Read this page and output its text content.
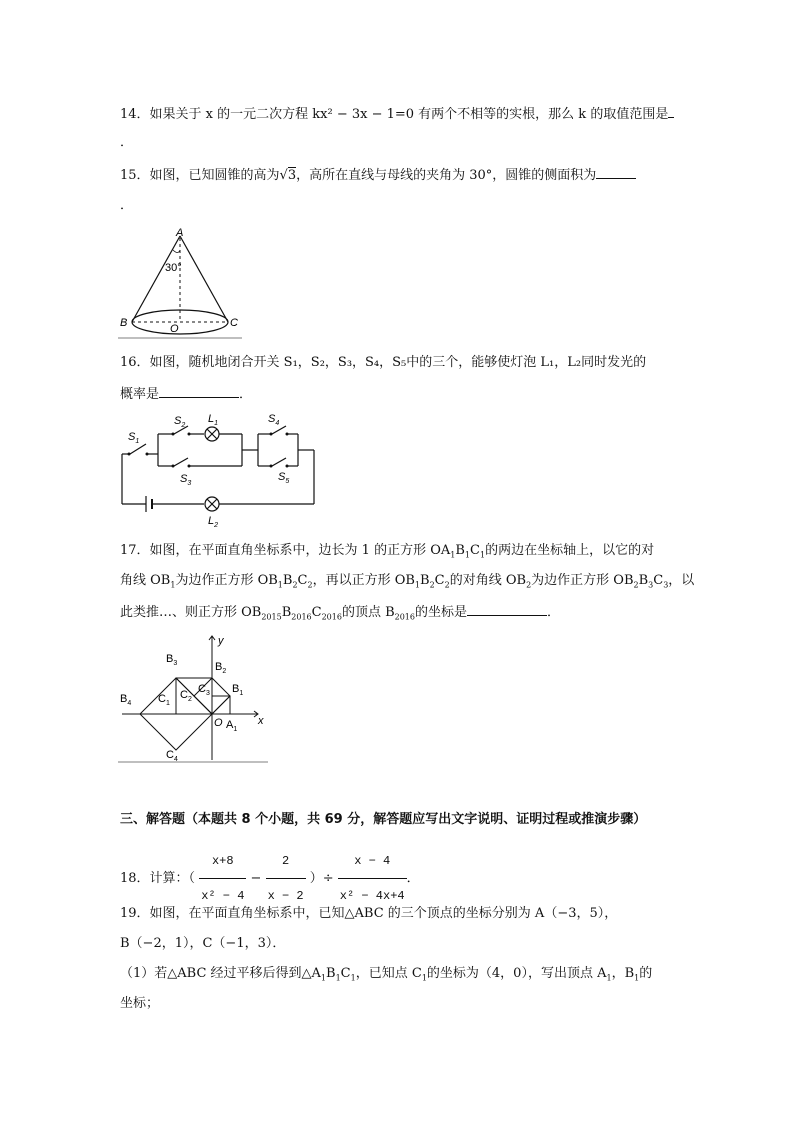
14．如果关于 x 的一元二次方程 kx² − 3x − 1=0 有两个不相等的实根，那么 k 的取值范围是
．
15．如图，已知圆锥的高为√3，高所在直线与母线的夹角为 30°，圆锥的侧面积为
．
A
30°
B	C
O
16．如图，随机地闭合开关 S₁，S₂，S₃，S₄，S₅中的三个，能够使灯泡 L₁，L₂同时发光的
概率是	．
$S_1$
$S_2$
$L_1$
$S_3$
$S_4$
$S_5$
$L_2$
17．如图，在平面直角坐标系中，边长为 1 的正方形 $OA_1B_1C_1$的两边在坐标轴上，以它的对
角线 $OB_1$为边作正方形 $OB_1B_2C_2$，再以正方形 $OB_1B_2C_2$的对角线 $OB_2$为边作正方形 $OB_2B_3C_3$，以
此类推…、则正方形 $OB_{2015}B_{2016}C_{2016}$的顶点 $B_{2016}$的坐标是	．
y
x
$B_3$	$B_2$
$B_1$
$B_4$ $C_1$
$C_2$
$C_3$
$C_4$
O $A_1$
三、解答题（本题共 8 个小题，共 69 分，解答题应写出文字说明、证明过程或推演步骤）
18．计算：（ $\frac{x+8}{\text{x² − 4}} - \frac{2}{x - 2}$ ）÷ $\frac{x - 4}{\text{x² − 4x+4}}$ ．
19．如图，在平面直角坐标系中，已知△ABC 的三个顶点的坐标分别为 A（−3，5），
B（−2，1），C（−1，3）．
（1）若△ABC 经过平移后得到$\triangle A_1B_1C_1$，已知点 $C_1$的坐标为（4，0），写出顶点 $A_1$，$B_1$的
坐标；
